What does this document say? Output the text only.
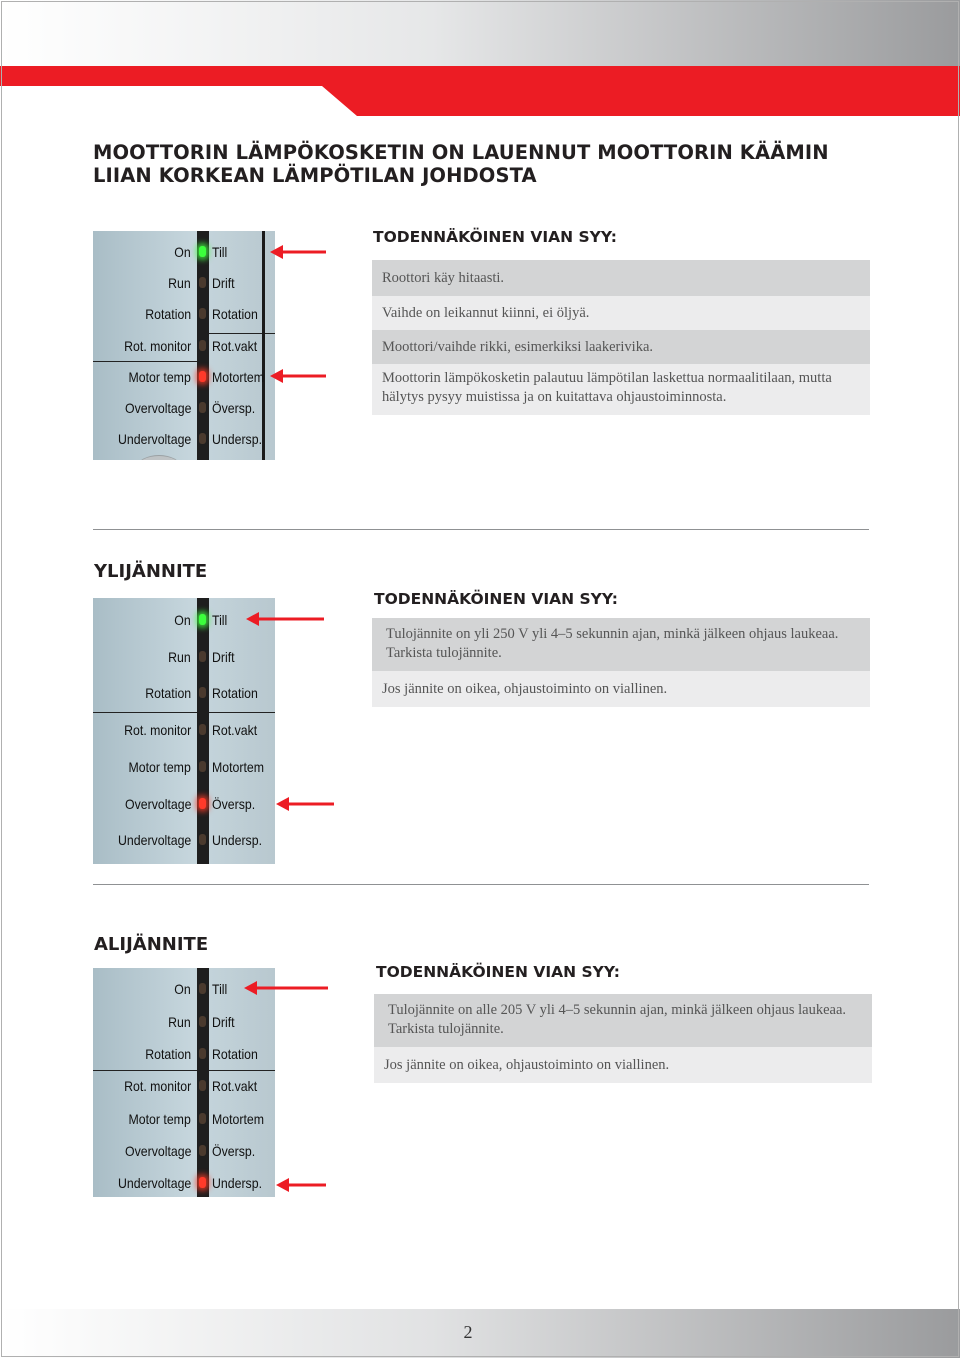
MOOTTORIN LÄMPÖKOSKETIN ON LAUENNUT MOOTTORIN KÄÄMIN
LIIAN KORKEAN LÄMPÖTILAN JOHDOSTA
On Till
Run Drift
Rotation Rotation
Rot. monitor Rot.vakt
Motor temp Motortem
Overvoltage Översp.
Undervoltage Undersp.
TODENNÄKÖINEN VIAN SYY:
Roottori käy hitaasti.
Vaihde on leikannut kiinni, ei öljyä.
Moottori/vaihde rikki, esimerkiksi laakerivika.
Moottorin lämpökosketin palautuu lämpötilan laskettua normaalitilaan, mutta hälytys pysyy muistissa ja on kuitattava ohjaustoiminnosta.
YLIJÄNNITE
On Till
Run Drift
Rotation Rotation
Rot. monitor Rot.vakt
Motor temp Motortem
Overvoltage Översp.
Undervoltage Undersp.
TODENNÄKÖINEN VIAN SYY:
Tulojännite on yli 250 V yli 4–5 sekunnin ajan, minkä jälkeen ohjaus laukeaa. Tarkista tulojännite.
Jos jännite on oikea, ohjaustoiminto on viallinen.
ALIJÄNNITE
On Till
Run Drift
Rotation Rotation
Rot. monitor Rot.vakt
Motor temp Motortem
Overvoltage Översp.
Undervoltage Undersp.
TODENNÄKÖINEN VIAN SYY:
Tulojännite on alle 205 V yli 4–5 sekunnin ajan, minkä jälkeen ohjaus laukeaa. Tarkista tulojännite.
Jos jännite on oikea, ohjaustoiminto on viallinen.
2
